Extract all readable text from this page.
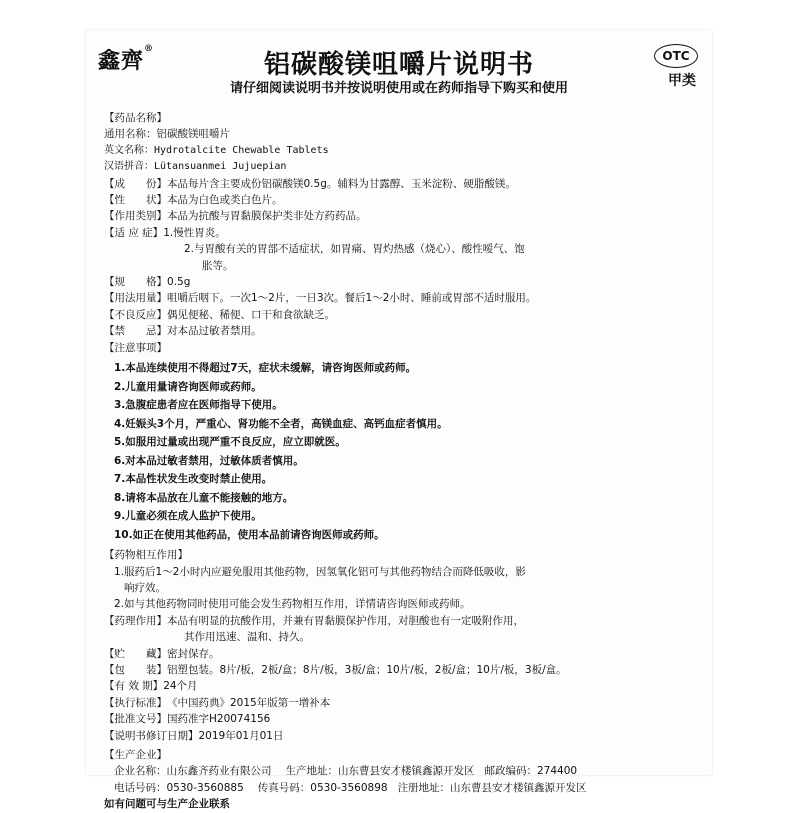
鑫齊®
铝碳酸镁咀嚼片说明书
请仔细阅读说明书并按说明使用或在药师指导下购买和使用
OTC
甲类
【药品名称】
通用名称：铝碳酸镁咀嚼片
英文名称：Hydrotalcite Chewable Tablets
汉语拼音：Lütansuanmei Jujuepian
【成　　份】 本品每片含主要成份铝碳酸镁0.5g。辅料为甘露醇、玉米淀粉、硬脂酸镁。
【性　　状】 本品为白色或类白色片。
【作用类别】 本品为抗酸与胃黏膜保护类非处方药药品。
【适 应 症】 1.慢性胃炎。
2.与胃酸有关的胃部不适症状，如胃痛、胃灼热感（烧心）、酸性嗳气、饱
胀等。
【规　　格】 0.5g
【用法用量】 咀嚼后咽下。一次1～2片，一日3次。餐后1～2小时、睡前或胃部不适时服用。
【不良反应】 偶见便秘、稀便、口干和食欲缺乏。
【禁　　忌】 对本品过敏者禁用。
【注意事项】
1.本品连续使用不得超过7天，症状未缓解，请咨询医师或药师。
2.儿童用量请咨询医师或药师。
3.急腹症患者应在医师指导下使用。
4.妊娠头3个月，严重心、肾功能不全者，高镁血症、高钙血症者慎用。
5.如服用过量或出现严重不良反应，应立即就医。
6.对本品过敏者禁用，过敏体质者慎用。
7.本品性状发生改变时禁止使用。
8.请将本品放在儿童不能接触的地方。
9.儿童必须在成人监护下使用。
10.如正在使用其他药品，使用本品前请咨询医师或药师。
【药物相互作用】
1.服药后1～2小时内应避免服用其他药物，因氢氧化铝可与其他药物结合而降低吸收，影
响疗效。
2.如与其他药物同时使用可能会发生药物相互作用，详情请咨询医师或药师。
【药理作用】 本品有明显的抗酸作用，并兼有胃黏膜保护作用，对胆酸也有一定吸附作用，
其作用迅速、温和、持久。
【贮　　藏】 密封保存。
【包　　装】 铝塑包装。8片/板，2板/盒；8片/板，3板/盒；10片/板，2板/盒；10片/板，3板/盒。
【有 效 期】 24个月
【执行标准】 《中国药典》2015年版第一增补本
【批准文号】 国药准字H20074156
【说明书修订日期】 2019年01月01日
【生产企业】
企业名称：山东鑫齐药业有限公司 生产地址：山东曹县安才楼镇鑫源开发区 邮政编码：274400
电话号码：0530-3560885 传真号码：0530-3560898 注册地址：山东曹县安才楼镇鑫源开发区
如有问题可与生产企业联系
